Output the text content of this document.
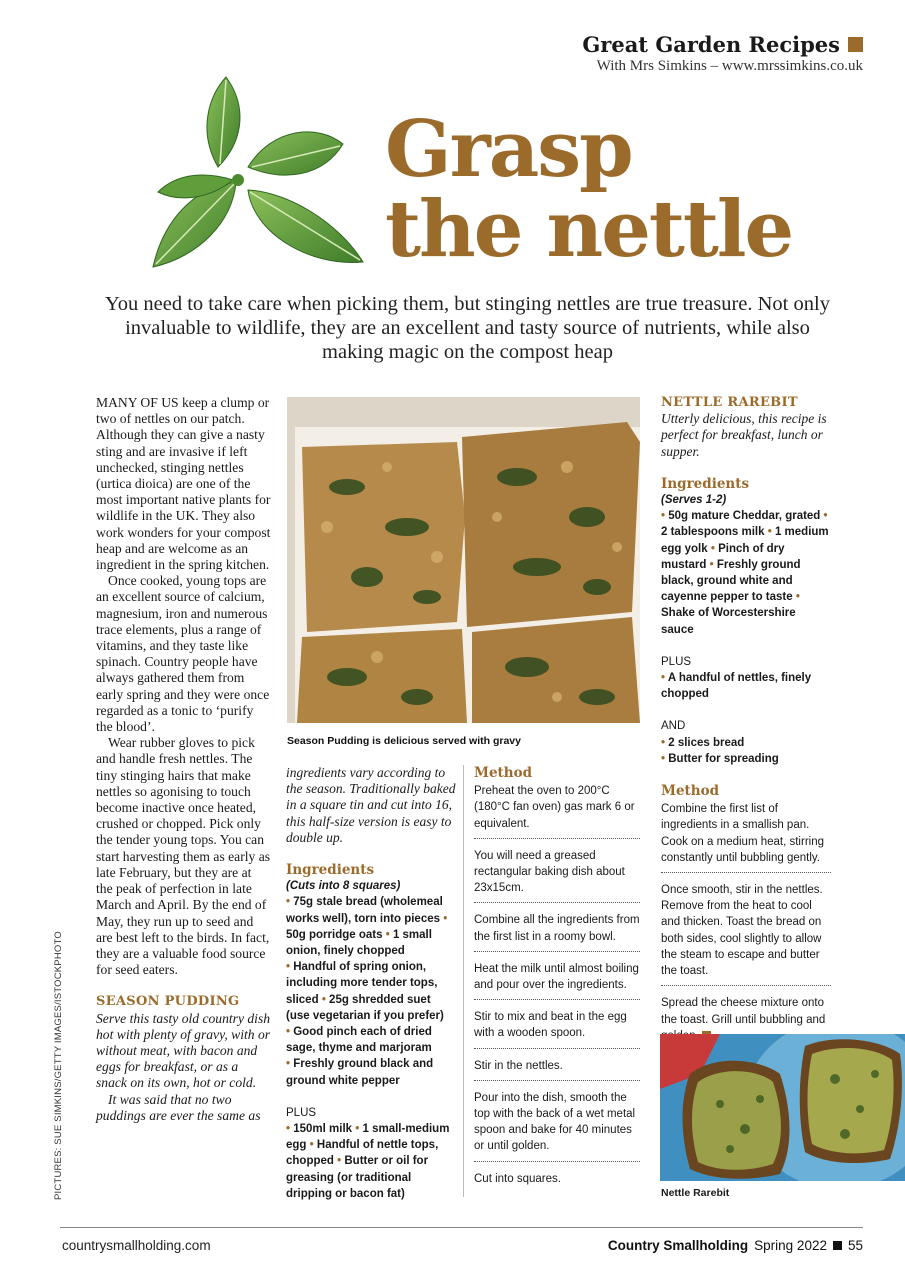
Great Garden Recipes
With Mrs Simkins – www.mrssimkins.co.uk
Grasp
the nettle
You need to take care when picking them, but stinging nettles are true treasure. Not only invaluable to wildlife, they are an excellent and tasty source of nutrients, while also making magic on the compost heap

MANY OF US keep a clump or two of nettles on our patch. Although they can give a nasty sting and are invasive if left unchecked, stinging nettles (urtica dioica) are one of the most important native plants for wildlife in the UK. They also work wonders for your compost heap and are welcome as an ingredient in the spring kitchen.

Once cooked, young tops are an excellent source of calcium, magnesium, iron and numerous trace elements, plus a range of vitamins, and they taste like spinach. Country people have always gathered them from early spring and they were once regarded as a tonic to ‘purify the blood’.

Wear rubber gloves to pick and handle fresh nettles. The tiny stinging hairs that make nettles so agonising to touch become inactive once heated, crushed or chopped. Pick only the tender young tops. You can start harvesting them as early as late February, but they are at the peak of perfection in late March and April. By the end of May, they run up to seed and are best left to the birds. In fact, they are a valuable food source for seed eaters.

SEASON PUDDING

Serve this tasty old country dish hot with plenty of gravy, with or without meat, with bacon and eggs for breakfast, or as a snack on its own, hot or cold.

It was said that no two puddings are ever the same as

Season Pudding is delicious served with gravy

ingredients vary according to the season. Traditionally baked in a square tin and cut into 16, this half-size version is easy to double up.

Ingredients
(Cuts into 8 squares)
• 75g stale bread (wholemeal works well), torn into pieces • 50g porridge oats • 1 small onion, finely chopped
• Handful of spring onion, including more tender tops, sliced • 25g shredded suet (use vegetarian if you prefer)
• Good pinch each of dried sage, thyme and marjoram
• Freshly ground black and ground white pepper
PLUS
• 150ml milk • 1 small-medium egg • Handful of nettle tops, chopped • Butter or oil for greasing (or traditional dripping or bacon fat)
Method
Preheat the oven to 200°C (180°C fan oven) gas mark 6 or equivalent.
You will need a greased rectangular baking dish about 23x15cm.
Combine all the ingredients from the first list in a roomy bowl.
Heat the milk until almost boiling and pour over the ingredients.
Stir to mix and beat in the egg with a wooden spoon.
Stir in the nettles.
Pour into the dish, smooth the top with the back of a wet metal spoon and bake for 40 minutes or until golden.
Cut into squares.
NETTLE RAREBIT

Utterly delicious, this recipe is perfect for breakfast, lunch or supper.

Ingredients
(Serves 1-2)
• 50g mature Cheddar, grated • 2 tablespoons milk • 1 medium egg yolk • Pinch of dry mustard • Freshly ground black, ground white and cayenne pepper to taste • Shake of Worcestershire sauce
PLUS
• A handful of nettles, finely chopped
AND
• 2 slices bread
• Butter for spreading
Method
Combine the first list of ingredients in a smallish pan. Cook on a medium heat, stirring constantly until bubbling gently.
Once smooth, stir in the nettles. Remove from the heat to cool and thicken. Toast the bread on both sides, cool slightly to allow the steam to escape and butter the toast.
Spread the cheese mixture onto the toast. Grill until bubbling and
Nettle Rarebit
PICTURES: SUE SIMKINS/GETTY IMAGES/ISTOCKPHOTO
countrysmallholding.com	Country Smallholding Spring 2022 55
